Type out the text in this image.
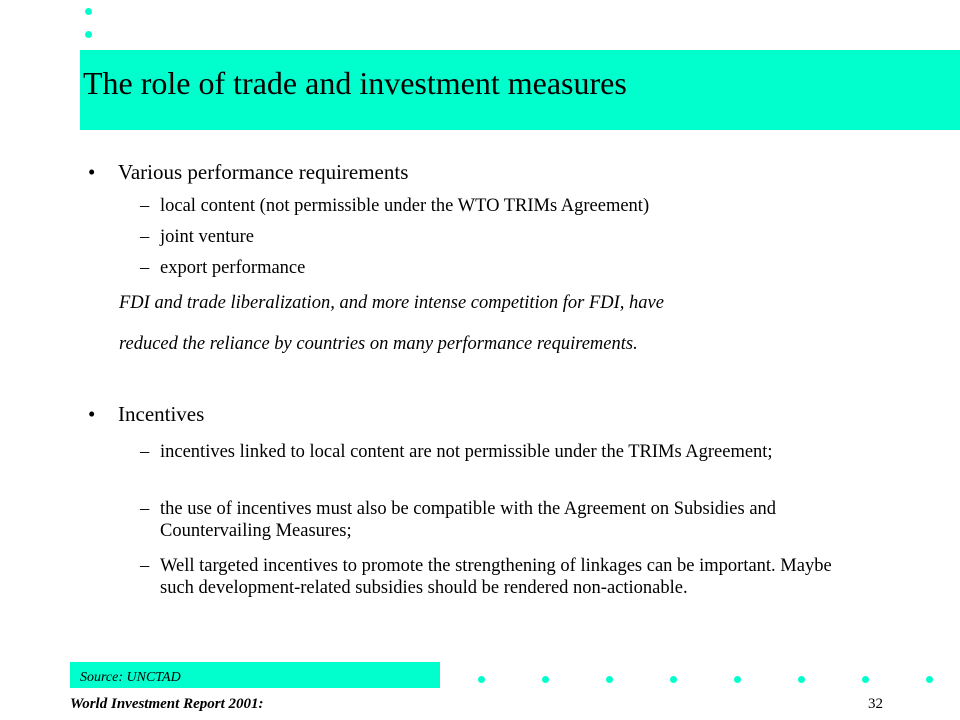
The role of trade and investment measures
• Various performance requirements
– local content (not permissible under the WTO TRIMs Agreement)
– joint venture
– export performance
FDI and trade liberalization, and more intense competition for FDI, have
reduced the reliance by countries on many performance requirements.
• Incentives
– incentives linked to local content are not permissible under the TRIMs Agreement;
– the use of incentives must also be compatible with the Agreement on Subsidies and Countervailing Measures;
– Well targeted incentives to promote the strengthening of linkages can be important. Maybe such development-related subsidies should be rendered non-actionable.
Source: UNCTAD
World Investment Report 2001:	32
